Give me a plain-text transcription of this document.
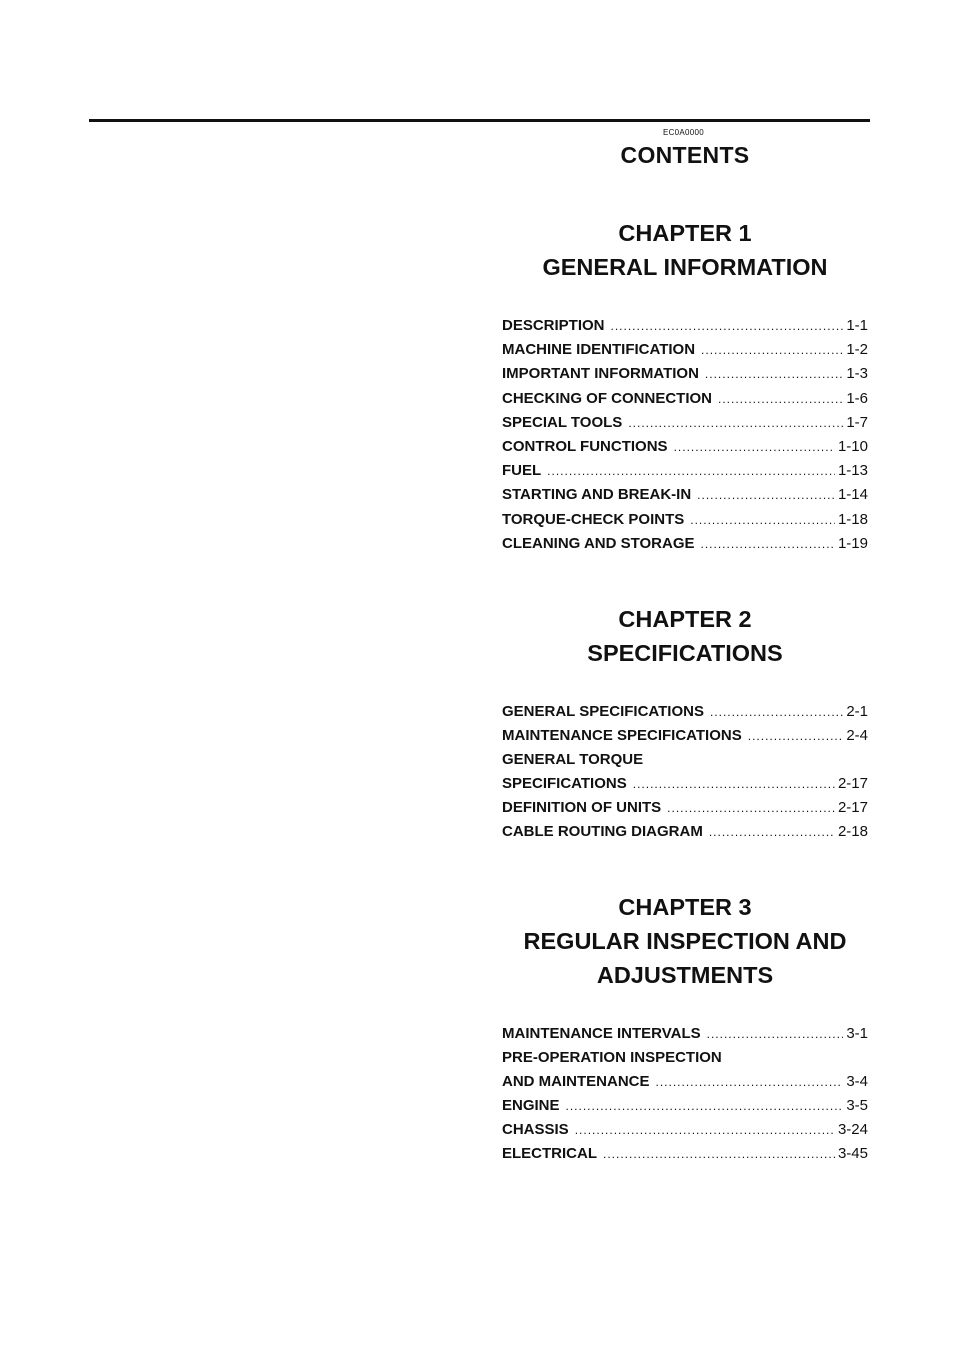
EC0A0000
CONTENTS
CHAPTER 1
GENERAL INFORMATION
DESCRIPTION .....	1-1
MACHINE IDENTIFICATION .....	1-2
IMPORTANT INFORMATION .....	1-3
CHECKING OF CONNECTION .....	1-6
SPECIAL TOOLS .....	1-7
CONTROL FUNCTIONS .....	1-10
FUEL .....	1-13
STARTING AND BREAK-IN .....	1-14
TORQUE-CHECK POINTS .....	1-18
CLEANING AND STORAGE .....	1-19
CHAPTER 2
SPECIFICATIONS
GENERAL SPECIFICATIONS .....	2-1
MAINTENANCE SPECIFICATIONS .....	2-4
GENERAL TORQUE
SPECIFICATIONS .....	2-17
DEFINITION OF UNITS .....	2-17
CABLE ROUTING DIAGRAM .....	2-18
CHAPTER 3
REGULAR INSPECTION AND
ADJUSTMENTS
MAINTENANCE INTERVALS .....	3-1
PRE-OPERATION INSPECTION
AND MAINTENANCE .....	3-4
ENGINE .....	3-5
CHASSIS .....	3-24
ELECTRICAL .....	3-45
